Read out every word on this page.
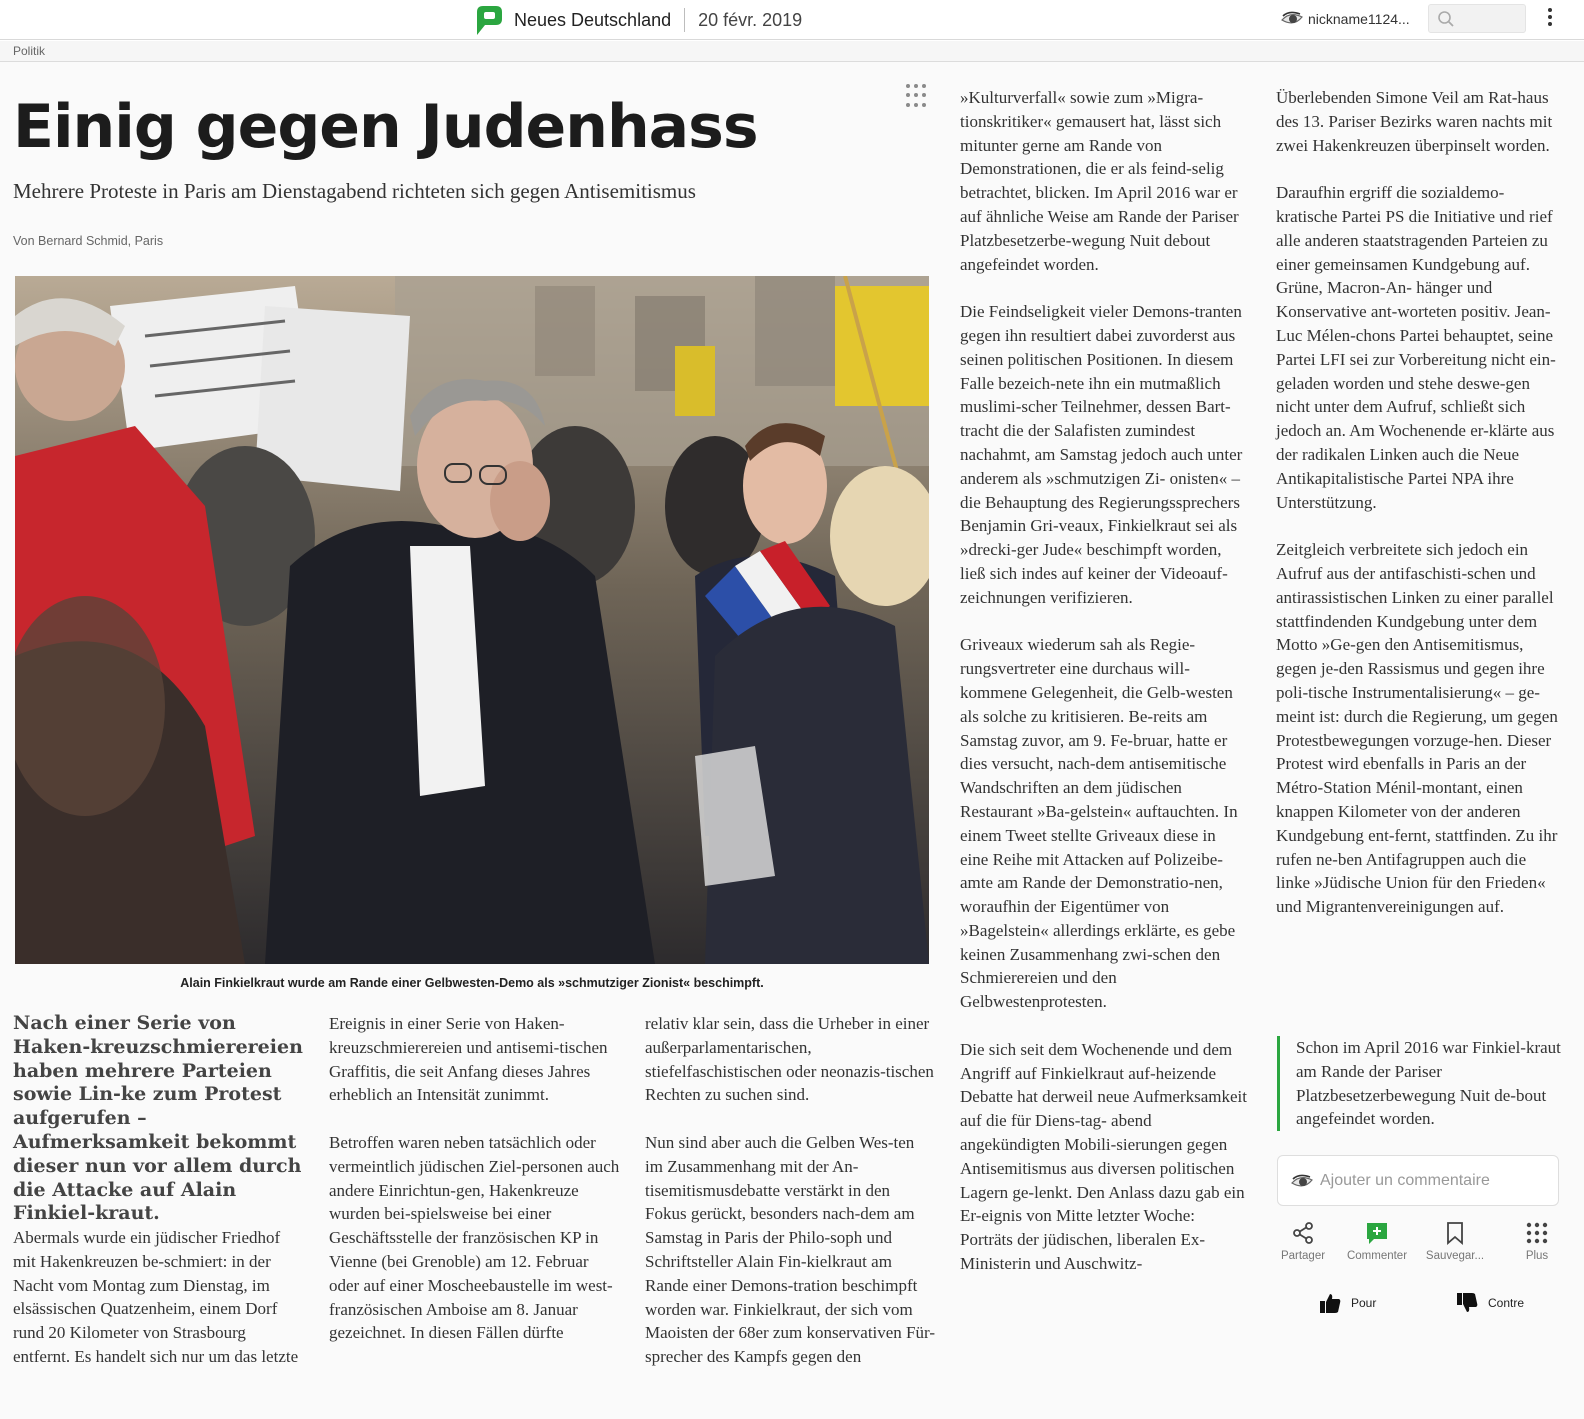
Neues Deutschland 20 févr. 2019	nickname1124...
Politik
Einig gegen Judenhass
Mehrere Proteste in Paris am Dienstagabend richteten sich gegen Antisemitismus
Von Bernard Schmid, Paris
Alain Finkielkraut wurde am Rande einer Gelbwesten-Demo als »schmutziger Zionist« beschimpft.
Nach einer Serie von Haken-kreuzschmierereien haben mehrere Parteien sowie Lin-ke zum Protest aufgerufen – Aufmerksamkeit bekommt dieser nun vor allem durch die Attacke auf Alain Finkiel-kraut.

Abermals wurde ein jüdischer Friedhof mit Hakenkreuzen be-schmiert: in der Nacht vom Montag zum Dienstag, im elsässischen Quatzenheim, einem Dorf rund 20 Kilometer von Strasbourg entfernt. Es handelt sich nur um das letzte

Ereignis in einer Serie von Haken-kreuzschmierereien und antisemi-tischen Graffitis, die seit Anfang dieses Jahres erheblich an Intensität zunimmt.

Betroffen waren neben tatsächlich oder vermeintlich jüdischen Ziel-personen auch andere Einrichtun-gen, Hakenkreuze wurden bei-spielsweise bei einer Geschäftsstelle der französischen KP in Vienne (bei Grenoble) am 12. Februar oder auf einer Moscheebaustelle im west-französischen Amboise am 8. Januar gezeichnet. In diesen Fällen dürfte

relativ klar sein, dass die Urheber in einer außerparlamentarischen, stiefelfaschistischen oder neonazis-tischen Rechten zu suchen sind.

Nun sind aber auch die Gelben Wes-ten im Zusammenhang mit der An-tisemitismusdebatte verstärkt in den Fokus gerückt, besonders nach-dem am Samstag in Paris der Philo-soph und Schriftsteller Alain Fin-kielkraut am Rande einer Demons-tration beschimpft worden war. Finkielkraut, der sich vom Maoisten der 68er zum konservativen Für-sprecher des Kampfs gegen den

»Kulturverfall« sowie zum »Migra-tionskritiker« gemausert hat, lässt sich mitunter gerne am Rande von Demonstrationen, die er als feind-selig betrachtet, blicken. Im April 2016 war er auf ähnliche Weise am Rande der Pariser Platzbesetzerbe-wegung Nuit debout angefeindet worden.

Die Feindseligkeit vieler Demons-tranten gegen ihn resultiert dabei zuvorderst aus seinen politischen Positionen. In diesem Falle bezeich-nete ihn ein mutmaßlich muslimi-scher Teilnehmer, dessen Bart-tracht die der Salafisten zumindest nachahmt, am Samstag jedoch auch unter anderem als »schmutzigen Zi- onisten« – die Behauptung des Regierungssprechers Benjamin Gri-veaux, Finkielkraut sei als »drecki-ger Jude« beschimpft worden, ließ sich indes auf keiner der Videoauf-zeichnungen verifizieren.

Griveaux wiederum sah als Regie-rungsvertreter eine durchaus will-kommene Gelegenheit, die Gelb-westen als solche zu kritisieren. Be-reits am Samstag zuvor, am 9. Fe-bruar, hatte er dies versucht, nach-dem antisemitische Wandschriften an dem jüdischen Restaurant »Ba-gelstein« auftauchten. In einem Tweet stellte Griveaux diese in eine Reihe mit Attacken auf Polizeibe-amte am Rande der Demonstratio-nen, woraufhin der Eigentümer von »Bagelstein« allerdings erklärte, es gebe keinen Zusammenhang zwi-schen den Schmierereien und den Gelbwestenprotesten.

Die sich seit dem Wochenende und dem Angriff auf Finkielkraut auf-heizende Debatte hat derweil neue Aufmerksamkeit auf die für Diens-tag- abend angekündigten Mobili-sierungen gegen Antisemitismus aus diversen politischen Lagern ge-lenkt. Den Anlass dazu gab ein Er-eignis von Mitte letzter Woche: Porträts der jüdischen, liberalen Ex-Ministerin und Auschwitz-

Überlebenden Simone Veil am Rat-haus des 13. Pariser Bezirks waren nachts mit zwei Hakenkreuzen überpinselt worden.

Daraufhin ergriff die sozialdemo-kratische Partei PS die Initiative und rief alle anderen staatstragenden Parteien zu einer gemeinsamen Kundgebung auf. Grüne, Macron-An- hänger und Konservative ant-worteten positiv. Jean-Luc Mélen-chons Partei behauptet, seine Partei LFI sei zur Vorbereitung nicht ein-geladen worden und stehe deswe-gen nicht unter dem Aufruf, schließt sich jedoch an. Am Wochenende er-klärte aus der radikalen Linken auch die Neue Antikapitalistische Partei NPA ihre Unterstützung.

Zeitgleich verbreitete sich jedoch ein Aufruf aus der antifaschisti-schen und antirassistischen Linken zu einer parallel stattfindenden Kundgebung unter dem Motto »Ge-gen den Antisemitismus, gegen je-den Rassismus und gegen ihre poli-tische Instrumentalisierung« – ge-meint ist: durch die Regierung, um gegen Protestbewegungen vorzuge-hen. Dieser Protest wird ebenfalls in Paris an der Métro-Station Ménil-montant, einen knappen Kilometer von der anderen Kundgebung ent-fernt, stattfinden. Zu ihr rufen ne-ben Antifagruppen auch die linke »Jüdische Union für den Frieden« und Migrantenvereinigungen auf.

Schon im April 2016 war Finkiel-kraut am Rande der Pariser Platzbesetzerbewegung Nuit de-bout angefeindet worden.
Ajouter un commentaire
Partager	Commenter	Sauvegar...	Plus
Pour	Contre
